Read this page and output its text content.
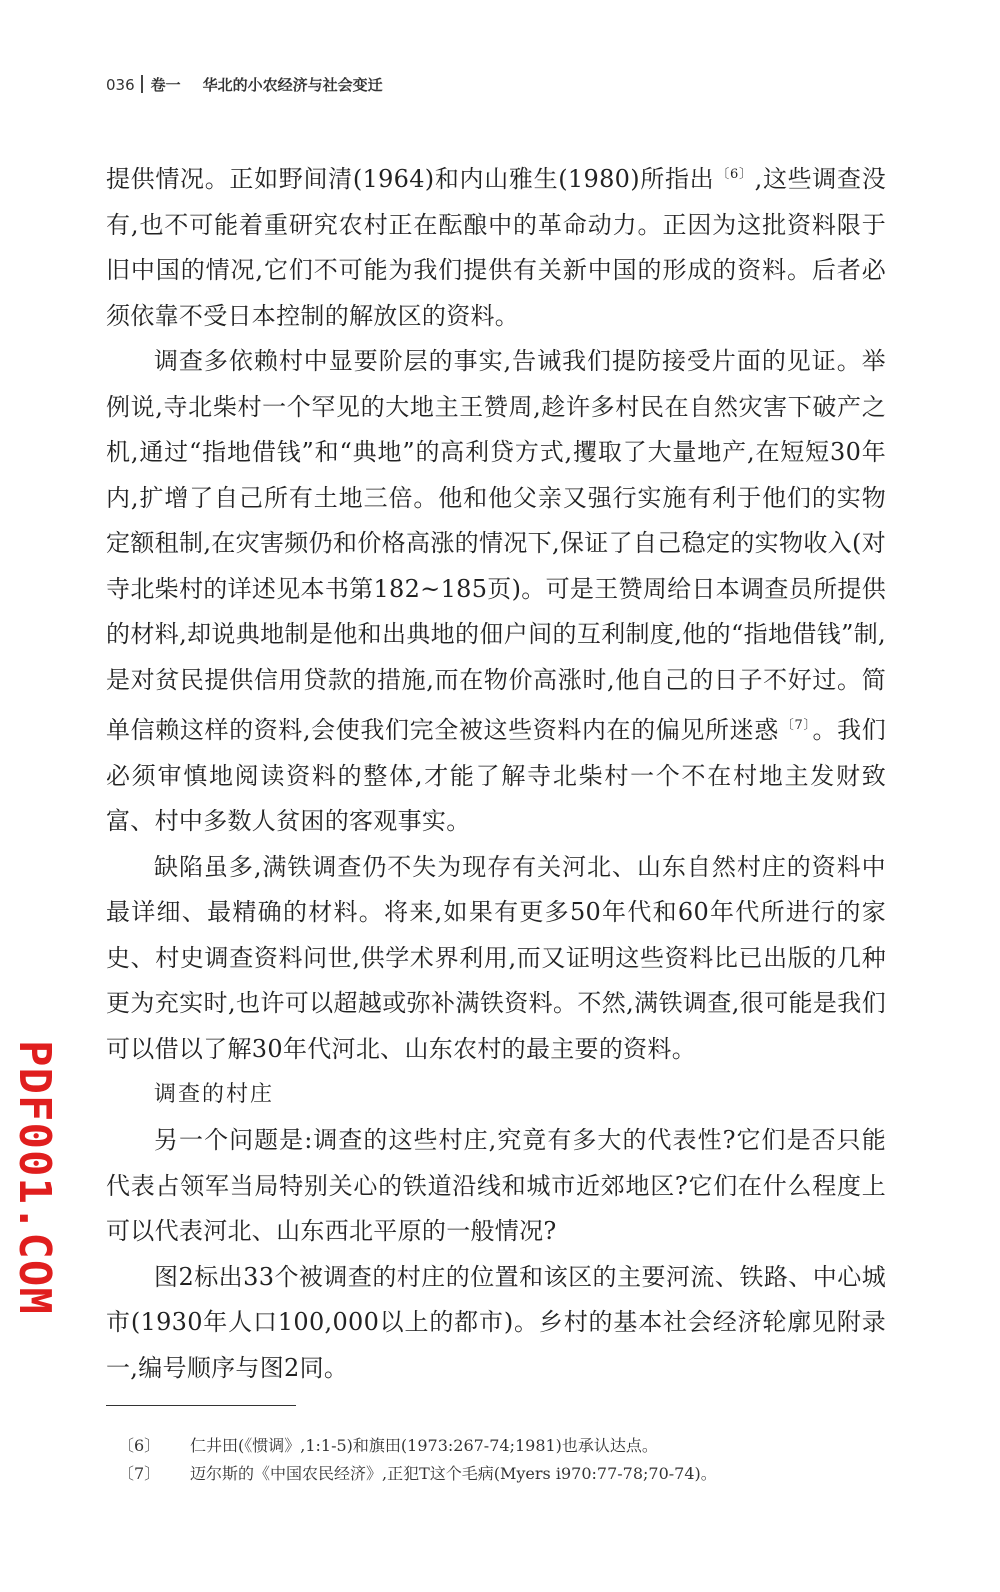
036 卷一 华北的小农经济与社会变迁

提供情况。正如野间清(1964)和内山雅生(1980)所指出 $^{〔6〕}$,这些调查没有,也不可能着重研究农村正在酝酿中的革命动力。正因为这批资料限于旧中国的情况,它们不可能为我们提供有关新中国的形成的资料。后者必须依靠不受日本控制的解放区的资料。

调查多依赖村中显要阶层的事实,告诫我们提防接受片面的见证。举例说,寺北柴村一个罕见的大地主王赞周,趁许多村民在自然灾害下破产之机,通过“指地借钱”和“典地”的高利贷方式,攫取了大量地产,在短短30年内,扩增了自己所有土地三倍。他和他父亲又强行实施有利于他们的实物定额租制,在灾害频仍和价格高涨的情况下,保证了自己稳定的实物收入(对寺北柴村的详述见本书第182~185页)。可是王赞周给日本调查员所提供的材料,却说典地制是他和出典地的佃户间的互利制度,他的“指地借钱”制,是对贫民提供信用贷款的措施,而在物价高涨时,他自己的日子不好过。简单信赖这样的资料,会使我们完全被这些资料内在的偏见所迷惑 $^{〔7〕}$。我们必须审慎地阅读资料的整体,才能了解寺北柴村一个不在村地主发财致富、村中多数人贫困的客观事实。

缺陷虽多,满铁调查仍不失为现存有关河北、山东自然村庄的资料中最详细、最精确的材料。将来,如果有更多50年代和60年代所进行的家史、村史调查资料问世,供学术界利用,而又证明这些资料比已出版的几种更为充实时,也许可以超越或弥补满铁资料。不然,满铁调查,很可能是我们可以借以了解30年代河北、山东农村的最主要的资料。

调查的村庄

另一个问题是:调查的这些村庄,究竟有多大的代表性?它们是否只能代表占领军当局特别关心的铁道沿线和城市近郊地区?它们在什么程度上可以代表河北、山东西北平原的一般情况?

图2标出33个被调查的村庄的位置和该区的主要河流、铁路、中心城市(1930年人口100,000以上的都市)。乡村的基本社会经济轮廓见附录一,编号顺序与图2同。

〔6〕 仁井田(《惯调》,1:1-5)和旗田(1973:267-74;1981)也承认达点。
〔7〕 迈尔斯的《中国农民经济》,正犯T这个毛病(Myers i970:77-78;70-74)。
PDF001.COM
